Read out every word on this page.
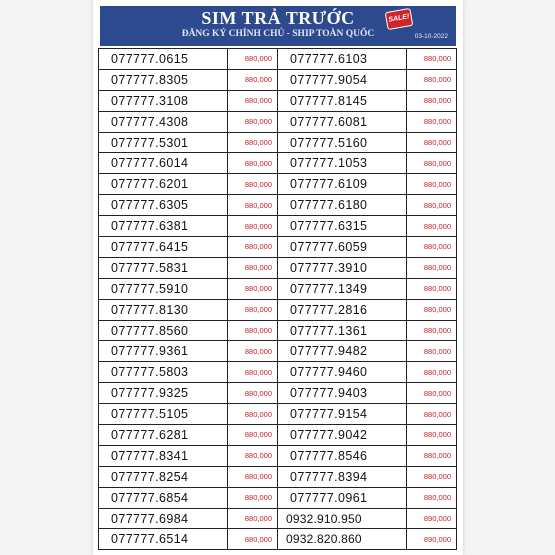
SIM TRẢ TRƯỚC	SALE!
ĐĂNG KÝ CHÍNH CHỦ - SHIP TOÀN QUỐC	03-10-2022
077777.0615	880,000	077777.6103	880,000
077777.8305	880,000	077777.9054	880,000
077777.3108	880,000	077777.8145	880,000
077777.4308	880,000	077777.6081	880,000
077777.5301	880,000	077777.5160	880,000
077777.6014	880,000	077777.1053	880,000
077777.6201	880,000	077777.6109	880,000
077777.6305	880,000	077777.6180	880,000
077777.6381	880,000	077777.6315	880,000
077777.6415	880,000	077777.6059	880,000
077777.5831	880,000	077777.3910	880,000
077777.5910	880,000	077777.1349	880,000
077777.8130	880,000	077777.2816	880,000
077777.8560	880,000	077777.1361	880,000
077777.9361	880,000	077777.9482	880,000
077777.5803	880,000	077777.9460	880,000
077777.9325	880,000	077777.9403	880,000
077777.5105	880,000	077777.9154	880,000
077777.6281	880,000	077777.9042	880,000
077777.8341	880,000	077777.8546	880,000
077777.8254	880,000	077777.8394	880,000
077777.6854	880,000	077777.0961	880,000
077777.6984	880,000	0932.910.950	890,000
077777.6514	880,000	0932.820.860	890,000
